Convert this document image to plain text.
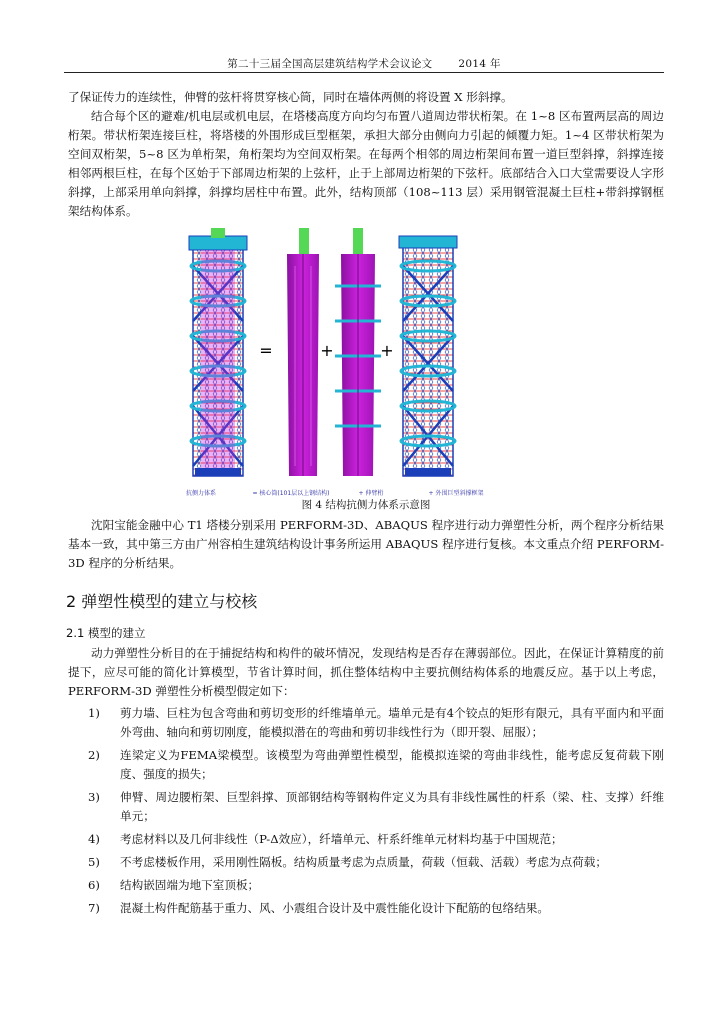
第二十三届全国高层建筑结构学术会议论文 2014 年

了保证传力的连续性，伸臂的弦杆将贯穿核心筒，同时在墙体两侧的将设置 X 形斜撑。

结合每个区的避难/机电层或机电层，在塔楼高度方向均匀布置八道周边带状桁架。在 1~8 区布置两层高的周边桁架。带状桁架连接巨柱，将塔楼的外围形成巨型框架，承担大部分由侧向力引起的倾覆力矩。1~4 区带状桁架为空间双桁架，5~8 区为单桁架，角桁架均为空间双桁架。在每两个相邻的周边桁架间布置一道巨型斜撑，斜撑连接相邻两根巨柱，在每个区始于下部周边桁架的上弦杆，止于上部周边桁架的下弦杆。底部结合入口大堂需要设人字形斜撑，上部采用单向斜撑，斜撑均居柱中布置。此外，结构顶部（108~113 层）采用钢管混凝土巨柱+带斜撑钢框架结构体系。

=	+	+
抗侧力体系	= 核心筒(101层以上钢结构)	+ 伸臂桁	+ 外围巨型斜撑框架
图 4 结构抗侧力体系示意图

沈阳宝能金融中心 T1 塔楼分别采用 PERFORM-3D、ABAQUS 程序进行动力弹塑性分析，两个程序分析结果基本一致，其中第三方由广州容柏生建筑结构设计事务所运用 ABAQUS 程序进行复核。本文重点介绍 PERFORM-3D 程序的分析结果。

2 弹塑性模型的建立与校核
2.1 模型的建立

动力弹塑性分析目的在于捕捉结构和构件的破坏情况，发现结构是否存在薄弱部位。因此，在保证计算精度的前提下，应尽可能的简化计算模型，节省计算时间，抓住整体结构中主要抗侧结构体系的地震反应。基于以上考虑，PERFORM-3D 弹塑性分析模型假定如下：

1)	剪力墙、巨柱为包含弯曲和剪切变形的纤维墙单元。墙单元是有4个铰点的矩形有限元，具有平面内和平面外弯曲、轴向和剪切刚度，能模拟潜在的弯曲和剪切非线性行为（即开裂、屈服）；
2)	连梁定义为FEMA梁模型。该模型为弯曲弹塑性模型，能模拟连梁的弯曲非线性，能考虑反复荷载下刚度、强度的损失；
3)	伸臂、周边腰桁架、巨型斜撑、顶部钢结构等钢构件定义为具有非线性属性的杆系（梁、柱、支撑）纤维单元；
4)	考虑材料以及几何非线性（P-Δ效应），纤墙单元、杆系纤维单元材料均基于中国规范；
5)	不考虑楼板作用，采用刚性隔板。结构质量考虑为点质量，荷载（恒载、活载）考虑为点荷载；
6)	结构嵌固端为地下室顶板；
7)	混凝土构件配筋基于重力、风、小震组合设计及中震性能化设计下配筋的包络结果。
